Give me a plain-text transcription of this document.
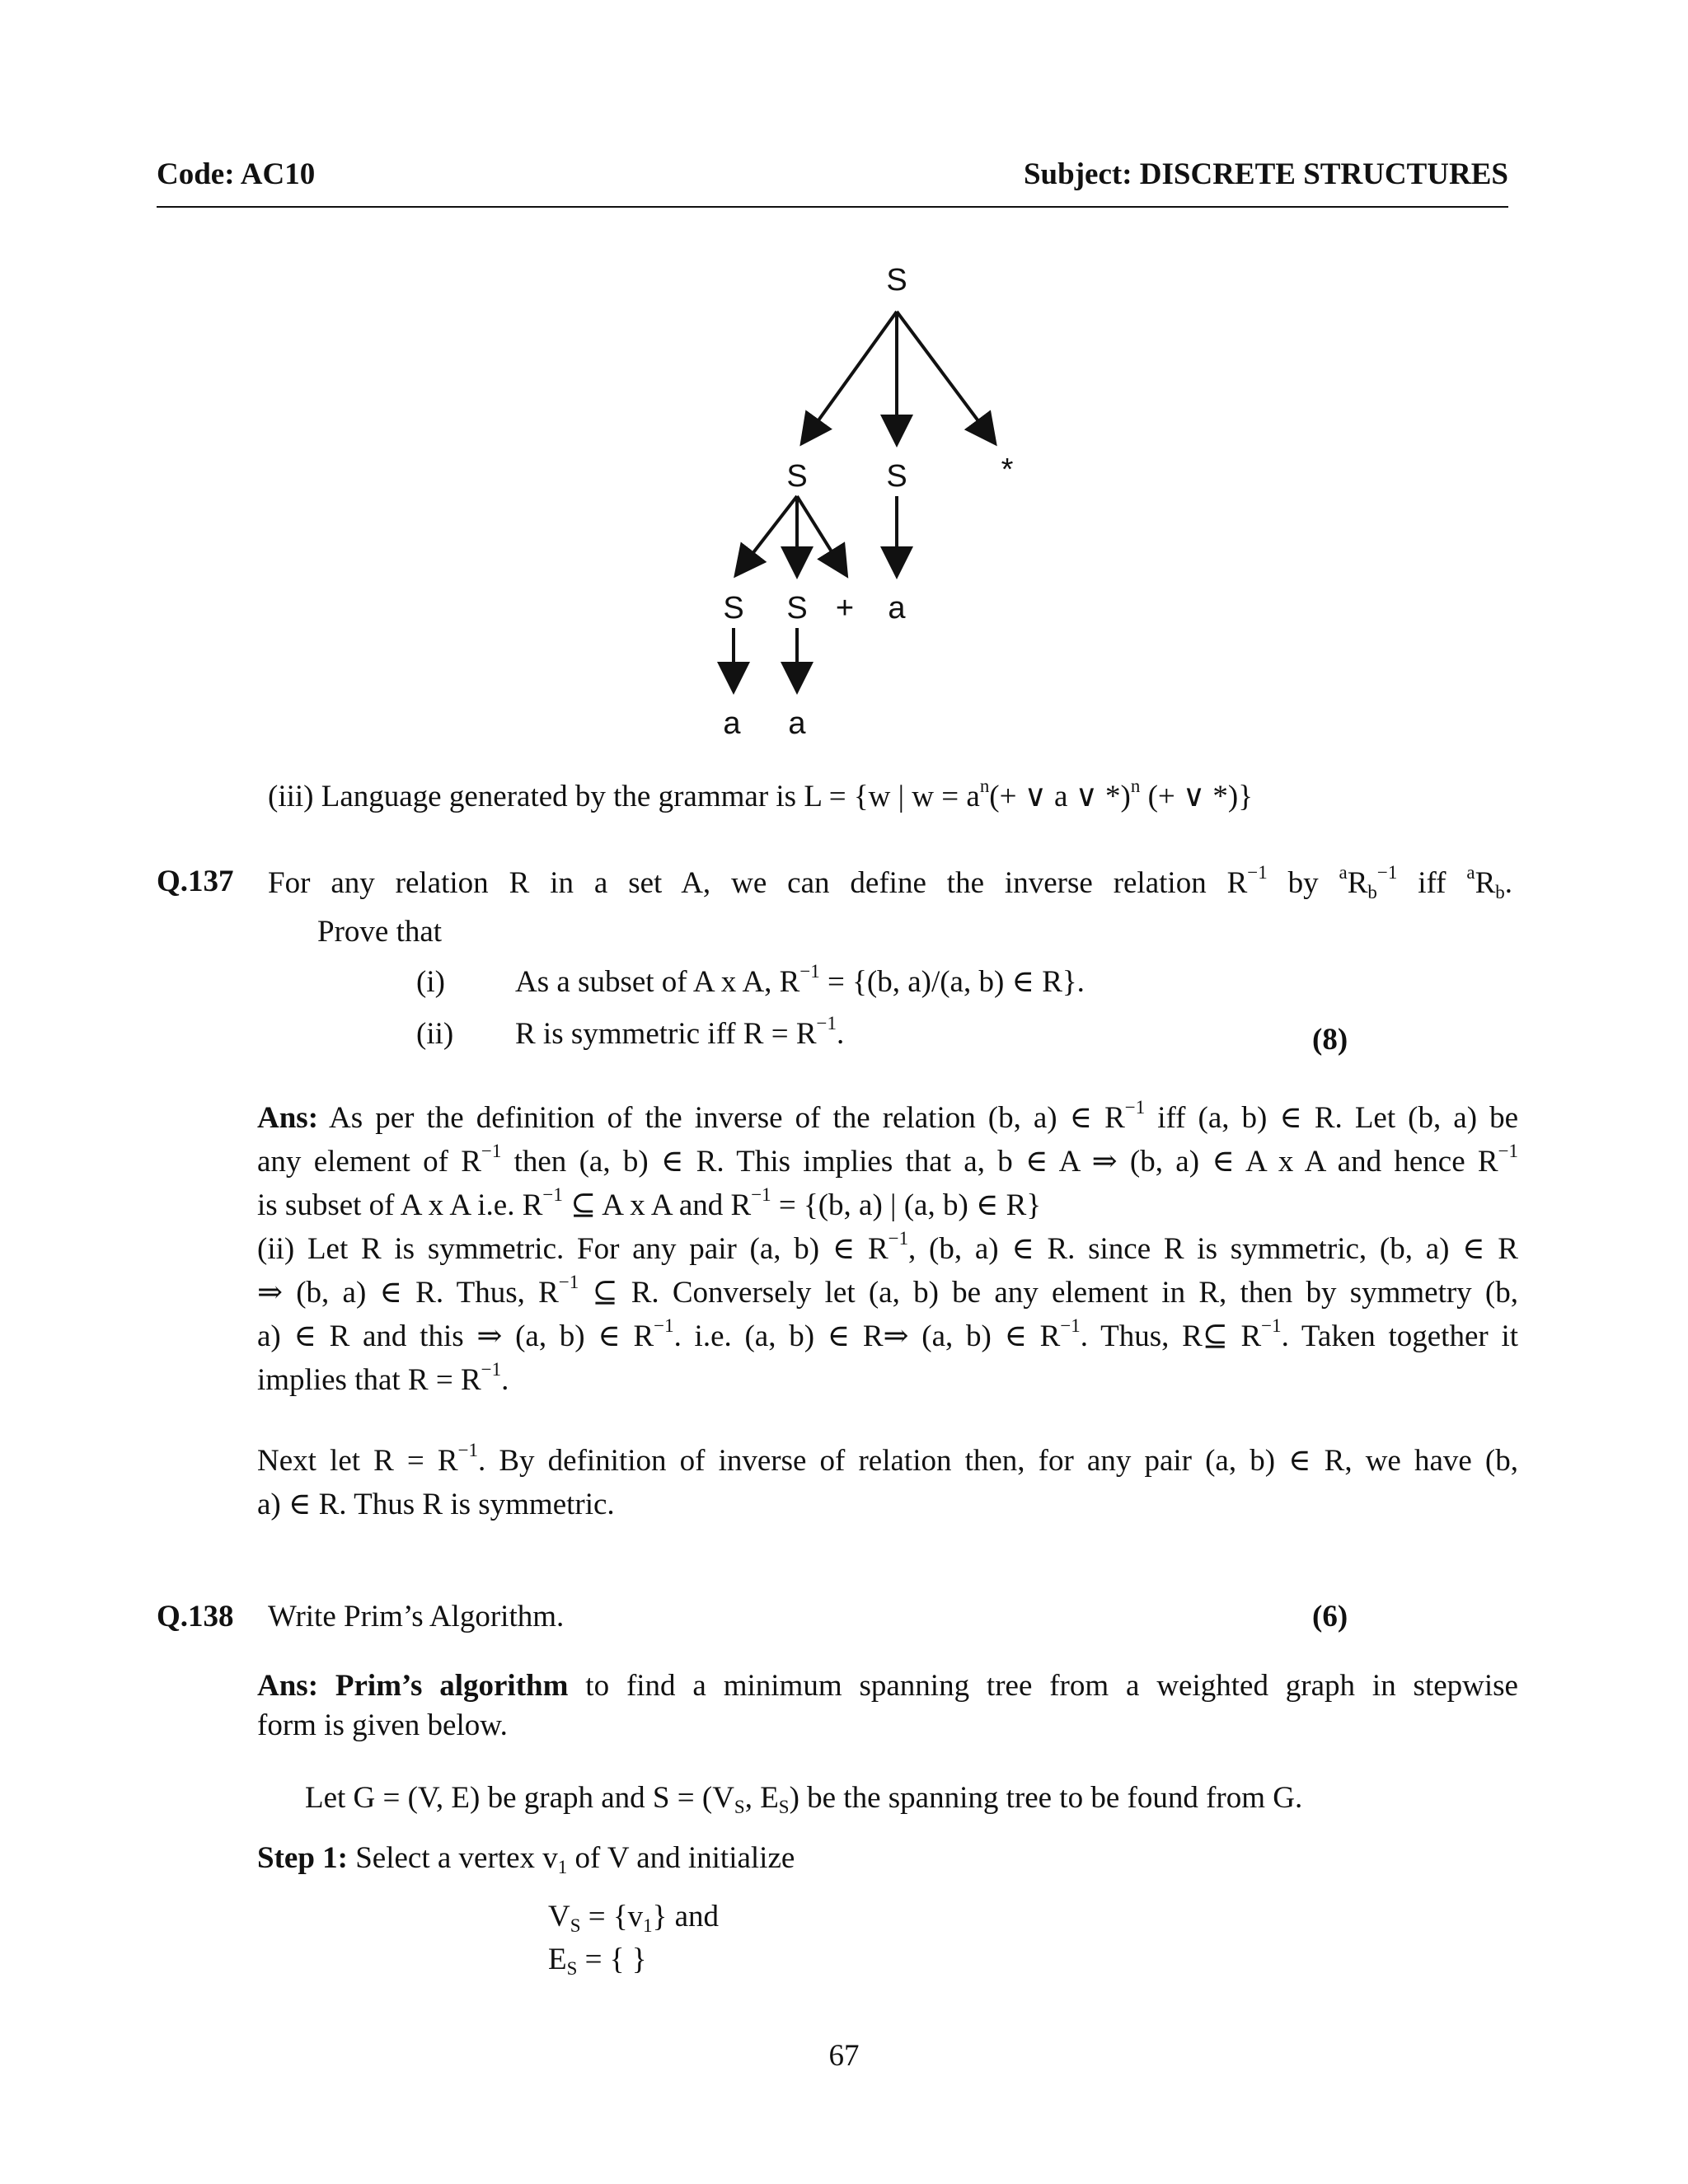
Code: AC10	Subject: DISCRETE STRUCTURES
S
S	S	*
S S + a
a a
(iii) Language generated by the grammar is L = {w | $w = a^n(+$ ∨ a ∨ *)$^n$ (+ ∨ *)}
Q.137 For any relation R in a set A, we can define the inverse relation $R^{-1}$ by $^aR_b^{-1}$ iff $^aR_b$.
Prove that
(i) As a subset of A x A, $R^{-1} = \{(b$, a)/(a, b) ∈ R}.
(ii) R is symmetric iff $R = R^{-1}$.	(8)
Ans: As per the definition of the inverse of the relation (b, a) ∈ $R^{-1}$ iff (a, b) ∈ R. Let (b, a) be
any element of $R^{-1}$ then (a, b) ∈ R. This implies that a, b ∈ A ⇒ (b, a) ∈ A x A and hence $R^{-1}$
is subset of A x A i.e. $R^{-1}$ ⊆ A x A and $R^{-1} = \{(b$, a) | (a, b) ∈ R}
(ii) Let R is symmetric. For any pair (a, b) ∈ $R^{-1}$, (b, a) ∈ R. since R is symmetric, (b, a) ∈ R
⇒ (b, a) ∈ R. Thus, $R^{-1}$ ⊆ R. Conversely let (a, b) be any element in R, then by symmetry (b,
a) ∈ R and this ⇒ (a, b) ∈ $R^{-1}$. i.e. (a, b) ∈ R⇒ (a, b) ∈ $R^{-1}$. Thus, R⊆ $R^{-1}$. Taken together it
implies that $R = R^{-1}$.
Next let $R = R^{-1}$. By definition of inverse of relation then, for any pair (a, b) ∈ R, we have (b,
a) ∈ R. Thus R is symmetric.
Q.138 Write Prim’s Algorithm.	(6)
Ans: Prim’s algorithm to find a minimum spanning tree from a weighted graph in stepwise
form is given below.
Let G = (V, E) be graph and $S = (V_S$, $E_S$) be the spanning tree to be found from G.
Step 1: Select a vertex $v_1$ of V and initialize
$V_S = \{v_1\}$ and
$E_S$ = { }
67
